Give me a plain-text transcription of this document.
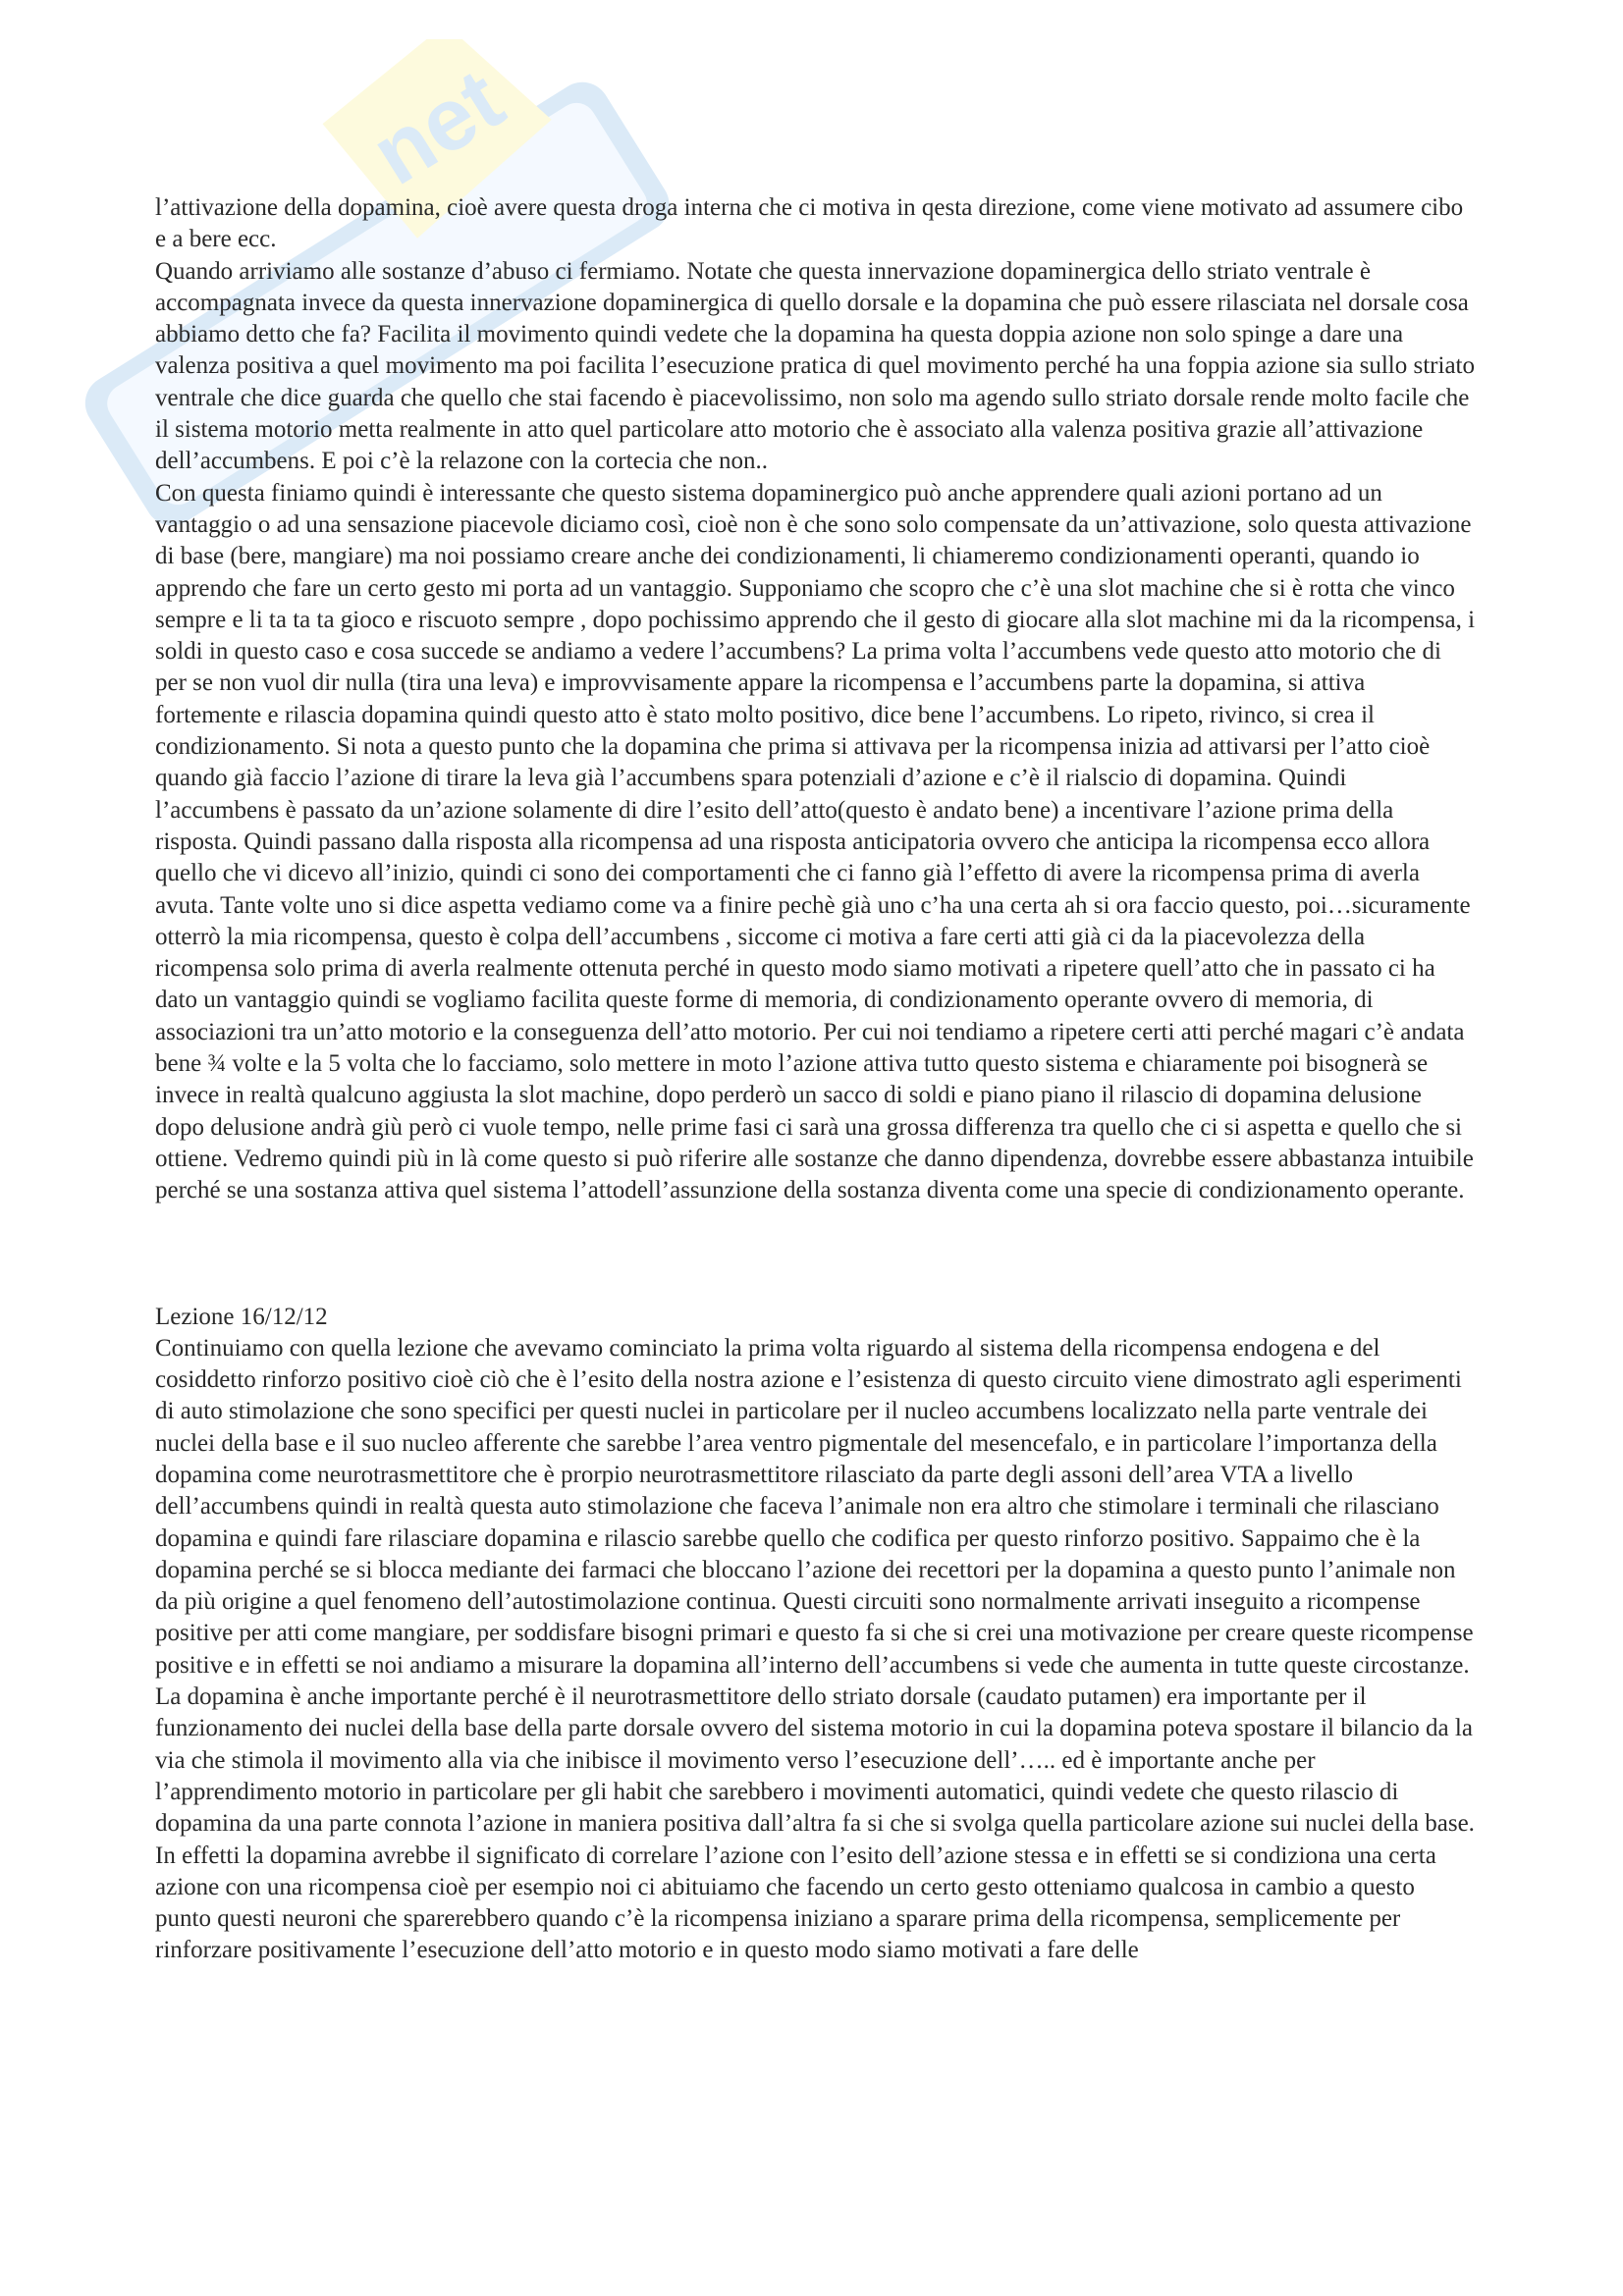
net

l’attivazione della dopamina, cioè avere questa droga interna che ci motiva in qesta direzione, come viene motivato ad assumere cibo e a bere ecc.

Quando arriviamo alle sostanze d’abuso ci fermiamo. Notate che questa innervazione dopaminergica dello striato ventrale è accompagnata invece da questa innervazione dopaminergica di quello dorsale e la dopamina che può essere rilasciata nel dorsale cosa abbiamo detto che fa? Facilita il movimento quindi vedete che la dopamina ha questa doppia azione non solo spinge a dare una valenza positiva a quel movimento ma poi facilita l’esecuzione pratica di quel movimento perché ha una foppia azione sia sullo striato ventrale che dice guarda che quello che stai facendo è piacevolissimo, non solo ma agendo sullo striato dorsale rende molto facile che il sistema motorio metta realmente in atto quel particolare atto motorio che è associato alla valenza positiva grazie all’attivazione dell’accumbens. E poi c’è la relazone con la cortecia che non..

Con questa finiamo quindi è interessante che questo sistema dopaminergico può anche apprendere quali azioni portano ad un vantaggio o ad una sensazione piacevole diciamo così, cioè non è che sono solo compensate da un’attivazione, solo questa attivazione di base (bere, mangiare) ma noi possiamo creare anche dei condizionamenti, li chiameremo condizionamenti operanti, quando io apprendo che fare un certo gesto mi porta ad un vantaggio. Supponiamo che scopro che c’è una slot machine che si è rotta che vinco sempre e li ta ta ta gioco e riscuoto sempre , dopo pochissimo apprendo che il gesto di giocare alla slot machine mi da la ricompensa, i soldi in questo caso e cosa succede se andiamo a vedere l’accumbens? La prima volta l’accumbens vede questo atto motorio che di per se non vuol dir nulla (tira una leva) e improvvisamente appare la ricompensa e l’accumbens parte la dopamina, si attiva fortemente e rilascia dopamina quindi questo atto è stato molto positivo, dice bene l’accumbens. Lo ripeto, rivinco, si crea il condizionamento. Si nota a questo punto che la dopamina che prima si attivava per la ricompensa inizia ad attivarsi per l’atto cioè quando già faccio l’azione di tirare la leva già l’accumbens spara potenziali d’azione e c’è il rialscio di dopamina. Quindi l’accumbens è passato da un’azione solamente di dire l’esito dell’atto(questo è andato bene) a incentivare l’azione prima della risposta. Quindi passano dalla risposta alla ricompensa ad una risposta anticipatoria ovvero che anticipa la ricompensa ecco allora quello che vi dicevo all’inizio, quindi ci sono dei comportamenti che ci fanno già l’effetto di avere la ricompensa prima di averla avuta. Tante volte uno si dice aspetta vediamo come va a finire pechè già uno c’ha una certa ah si ora faccio questo, poi…sicuramente otterrò la mia ricompensa, questo è colpa dell’accumbens , siccome ci motiva a fare certi atti già ci da la piacevolezza della ricompensa solo prima di averla realmente ottenuta perché in questo modo siamo motivati a ripetere quell’atto che in passato ci ha dato un vantaggio quindi se vogliamo facilita queste forme di memoria, di condizionamento operante ovvero di memoria, di associazioni tra un’atto motorio e la conseguenza dell’atto motorio. Per cui noi tendiamo a ripetere certi atti perché magari c’è andata bene ¾ volte e la 5 volta che lo facciamo, solo mettere in moto l’azione attiva tutto questo sistema e chiaramente poi bisognerà se invece in realtà qualcuno aggiusta la slot machine, dopo perderò un sacco di soldi e piano piano il rilascio di dopamina delusione dopo delusione andrà giù però ci vuole tempo, nelle prime fasi ci sarà una grossa differenza tra quello che ci si aspetta e quello che si ottiene. Vedremo quindi più in là come questo si può riferire alle sostanze che danno dipendenza, dovrebbe essere abbastanza intuibile perché se una sostanza attiva quel sistema l’attodell’assunzione della sostanza diventa come una specie di condizionamento operante.

Lezione 16/12/12

Continuiamo con quella lezione che avevamo cominciato la prima volta riguardo al sistema della ricompensa endogena e del cosiddetto rinforzo positivo cioè ciò che è l’esito della nostra azione e l’esistenza di questo circuito viene dimostrato agli esperimenti di auto stimolazione che sono specifici per questi nuclei in particolare per il nucleo accumbens localizzato nella parte ventrale dei nuclei della base e il suo nucleo afferente che sarebbe l’area ventro pigmentale del mesencefalo, e in particolare l’importanza della dopamina come neurotrasmettitore che è prorpio neurotrasmettitore rilasciato da parte degli assoni dell’area VTA a livello dell’accumbens quindi in realtà questa auto stimolazione che faceva l’animale non era altro che stimolare i terminali che rilasciano dopamina e quindi fare rilasciare dopamina e rilascio sarebbe quello che codifica per questo rinforzo positivo. Sappaimo che è la dopamina perché se si blocca mediante dei farmaci che bloccano l’azione dei recettori per la dopamina a questo punto l’animale non da più origine a quel fenomeno dell’autostimolazione continua. Questi circuiti sono normalmente arrivati inseguito a ricompense positive per atti come mangiare, per soddisfare bisogni primari e questo fa si che si crei una motivazione per creare queste ricompense positive e in effetti se noi andiamo a misurare la dopamina all’interno dell’accumbens si vede che aumenta in tutte queste circostanze. La dopamina è anche importante perché è il neurotrasmettitore dello striato dorsale (caudato putamen) era importante per il funzionamento dei nuclei della base della parte dorsale ovvero del sistema motorio in cui la dopamina poteva spostare il bilancio da la via che stimola il movimento alla via che inibisce il movimento verso l’esecuzione dell’….. ed è importante anche per l’apprendimento motorio in particolare per gli habit che sarebbero i movimenti automatici, quindi vedete che questo rilascio di dopamina da una parte connota l’azione in maniera positiva dall’altra fa si che si svolga quella particolare azione sui nuclei della base. In effetti la dopamina avrebbe il significato di correlare l’azione con l’esito dell’azione stessa e in effetti se si condiziona una certa azione con una ricompensa cioè per esempio noi ci abituiamo che facendo un certo gesto otteniamo qualcosa in cambio a questo punto questi neuroni che sparerebbero quando c’è la ricompensa iniziano a sparare prima della ricompensa, semplicemente per rinforzare positivamente l’esecuzione dell’atto motorio e in questo modo siamo motivati a fare delle
